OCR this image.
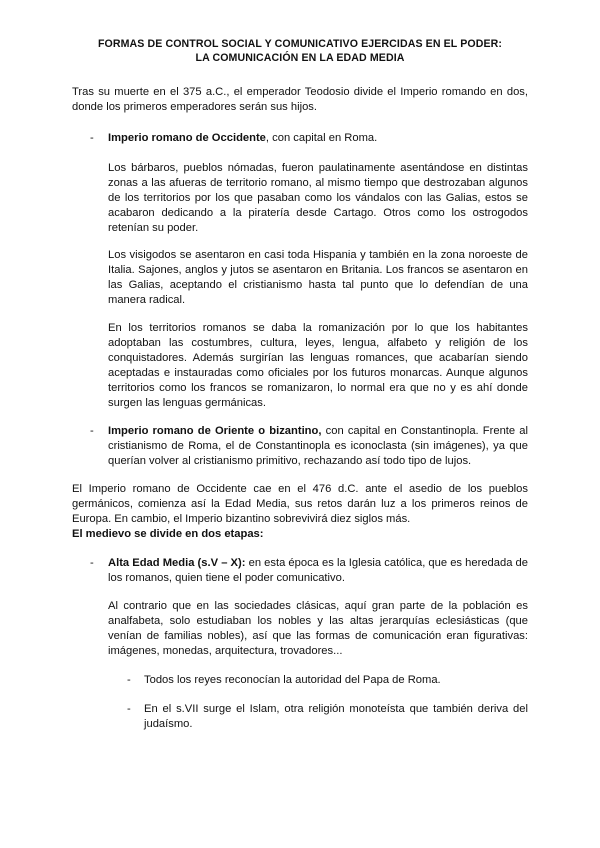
FORMAS DE CONTROL SOCIAL Y COMUNICATIVO EJERCIDAS EN EL PODER:
LA COMUNICACIÓN EN LA EDAD MEDIA

Tras su muerte en el 375 a.C., el emperador Teodosio divide el Imperio romando en dos, donde los primeros emperadores serán sus hijos.

- Imperio romano de Occidente, con capital en Roma.

Los bárbaros, pueblos nómadas, fueron paulatinamente asentándose en distintas zonas a las afueras de territorio romano, al mismo tiempo que destrozaban algunos de los territorios por los que pasaban como los vándalos con las Galias, estos se acabaron dedicando a la piratería desde Cartago. Otros como los ostrogodos retenían su poder.

Los visigodos se asentaron en casi toda Hispania y también en la zona noroeste de Italia. Sajones, anglos y jutos se asentaron en Britania. Los francos se asentaron en las Galias, aceptando el cristianismo hasta tal punto que lo defendían de una manera radical.

En los territorios romanos se daba la romanización por lo que los habitantes adoptaban las costumbres, cultura, leyes, lengua, alfabeto y religión de los conquistadores. Además surgirían las lenguas romances, que acabarían siendo aceptadas e instauradas como oficiales por los futuros monarcas. Aunque algunos territorios como los francos se romanizaron, lo normal era que no y es ahí donde surgen las lenguas germánicas.

- Imperio romano de Oriente o bizantino, con capital en Constantinopla. Frente al cristianismo de Roma, el de Constantinopla es iconoclasta (sin imágenes), ya que querían volver al cristianismo primitivo, rechazando así todo tipo de lujos.

El Imperio romano de Occidente cae en el 476 d.C. ante el asedio de los pueblos germánicos, comienza así la Edad Media, sus retos darán luz a los primeros reinos de Europa. En cambio, el Imperio bizantino sobrevivirá diez siglos más.

El medievo se divide en dos etapas:

- Alta Edad Media (s.V – X): en esta época es la Iglesia católica, que es heredada de los romanos, quien tiene el poder comunicativo.

Al contrario que en las sociedades clásicas, aquí gran parte de la población es analfabeta, solo estudiaban los nobles y las altas jerarquías eclesiásticas (que venían de familias nobles), así que las formas de comunicación eran figurativas: imágenes, monedas, arquitectura, trovadores...

- Todos los reyes reconocían la autoridad del Papa de Roma.

- En el s.VII surge el Islam, otra religión monoteísta que también deriva del judaísmo.
